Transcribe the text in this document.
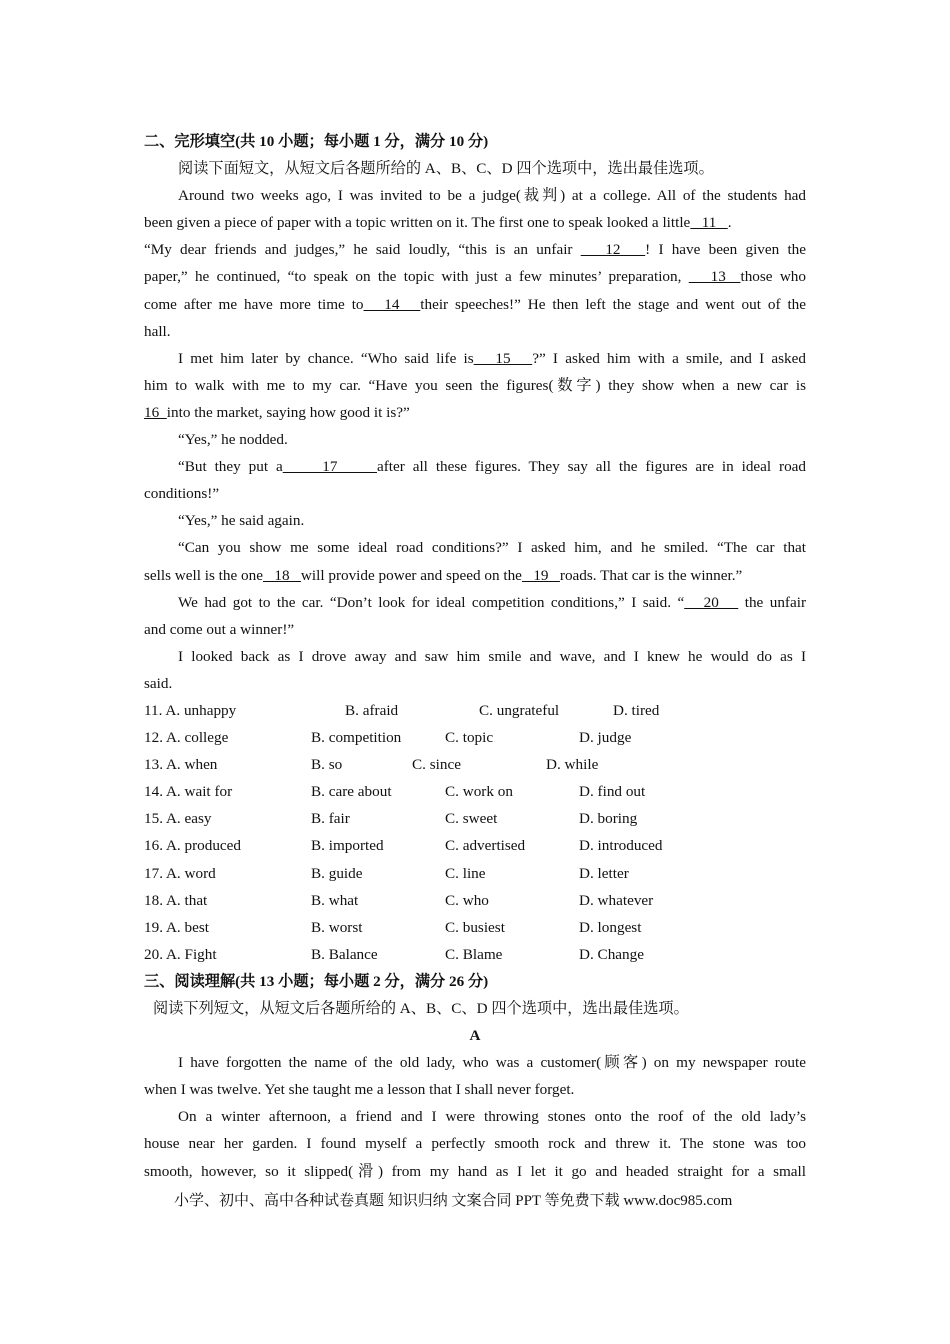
二、完形填空(共 10 小题；每小题 1 分，满分 10 分)
阅读下面短文，从短文后各题所给的 A、B、C、D 四个选项中，选出最佳选项。
Around two weeks ago, I was invited to be a judge(裁判) at a college. All of the students had
been given a piece of paper with a topic written on it. The first one to speak looked a little   11   .
“My dear friends and judges,” he said loudly, “this is an unfair    12   ! I have been given the
paper,” he continued, “to speak on the topic with just a few minutes’ preparation,    13  those who
come after me have more time to   14   their speeches!” He then left the stage and went out of the
hall.
I met him later by chance. “Who said life is   15   ?” I asked him with a smile, and I asked
him to walk with me to my car. “Have you seen the figures(数字) they show when a new car is
16  into the market, saying how good it is?”
“Yes,” he nodded.
“But they put a     17     after all these figures. They say all the figures are in ideal road
conditions!”
“Yes,” he said again.
“Can you show me some ideal road conditions?” I asked him, and he smiled. “The car that
sells well is the one   18   will provide power and speed on the   19   roads. That car is the winner.”
We had got to the car. “Don’t look for ideal competition conditions,” I said. “   20    the unfair
and come out a winner!”
I looked back as I drove away and saw him smile and wave, and I knew he would do as I
said.
11. A. unhappy	B. afraid	C. ungrateful	D. tired
12. A. college	B. competition	C. topic	D. judge
13. A. when	B. so	C. since	D. while
14. A. wait for	B. care about	C. work on	D. find out
15. A. easy	B. fair	C. sweet	D. boring
16. A. produced	B. imported	C. advertised	D. introduced
17. A. word	B. guide	C. line	D. letter
18. A. that	B. what	C. who	D. whatever
19. A. best	B. worst	C. busiest	D. longest
20. A. Fight	B. Balance	C. Blame	D. Change
三、阅读理解(共 13 小题；每小题 2 分，满分 26 分)
阅读下列短文，从短文后各题所给的 A、B、C、D 四个选项中，选出最佳选项。
A
I have forgotten the name of the old lady, who was a customer(顾客) on my newspaper route
when I was twelve. Yet she taught me a lesson that I shall never forget.
On a winter afternoon, a friend and I were throwing stones onto the roof of the old lady’s
house near her garden. I found myself a perfectly smooth rock and threw it. The stone was too
smooth, however, so it slipped(滑) from my hand as I let it go and headed straight for a small
小学、初中、高中各种试卷真题 知识归纳 文案合同 PPT 等免费下载 www.doc985.com
